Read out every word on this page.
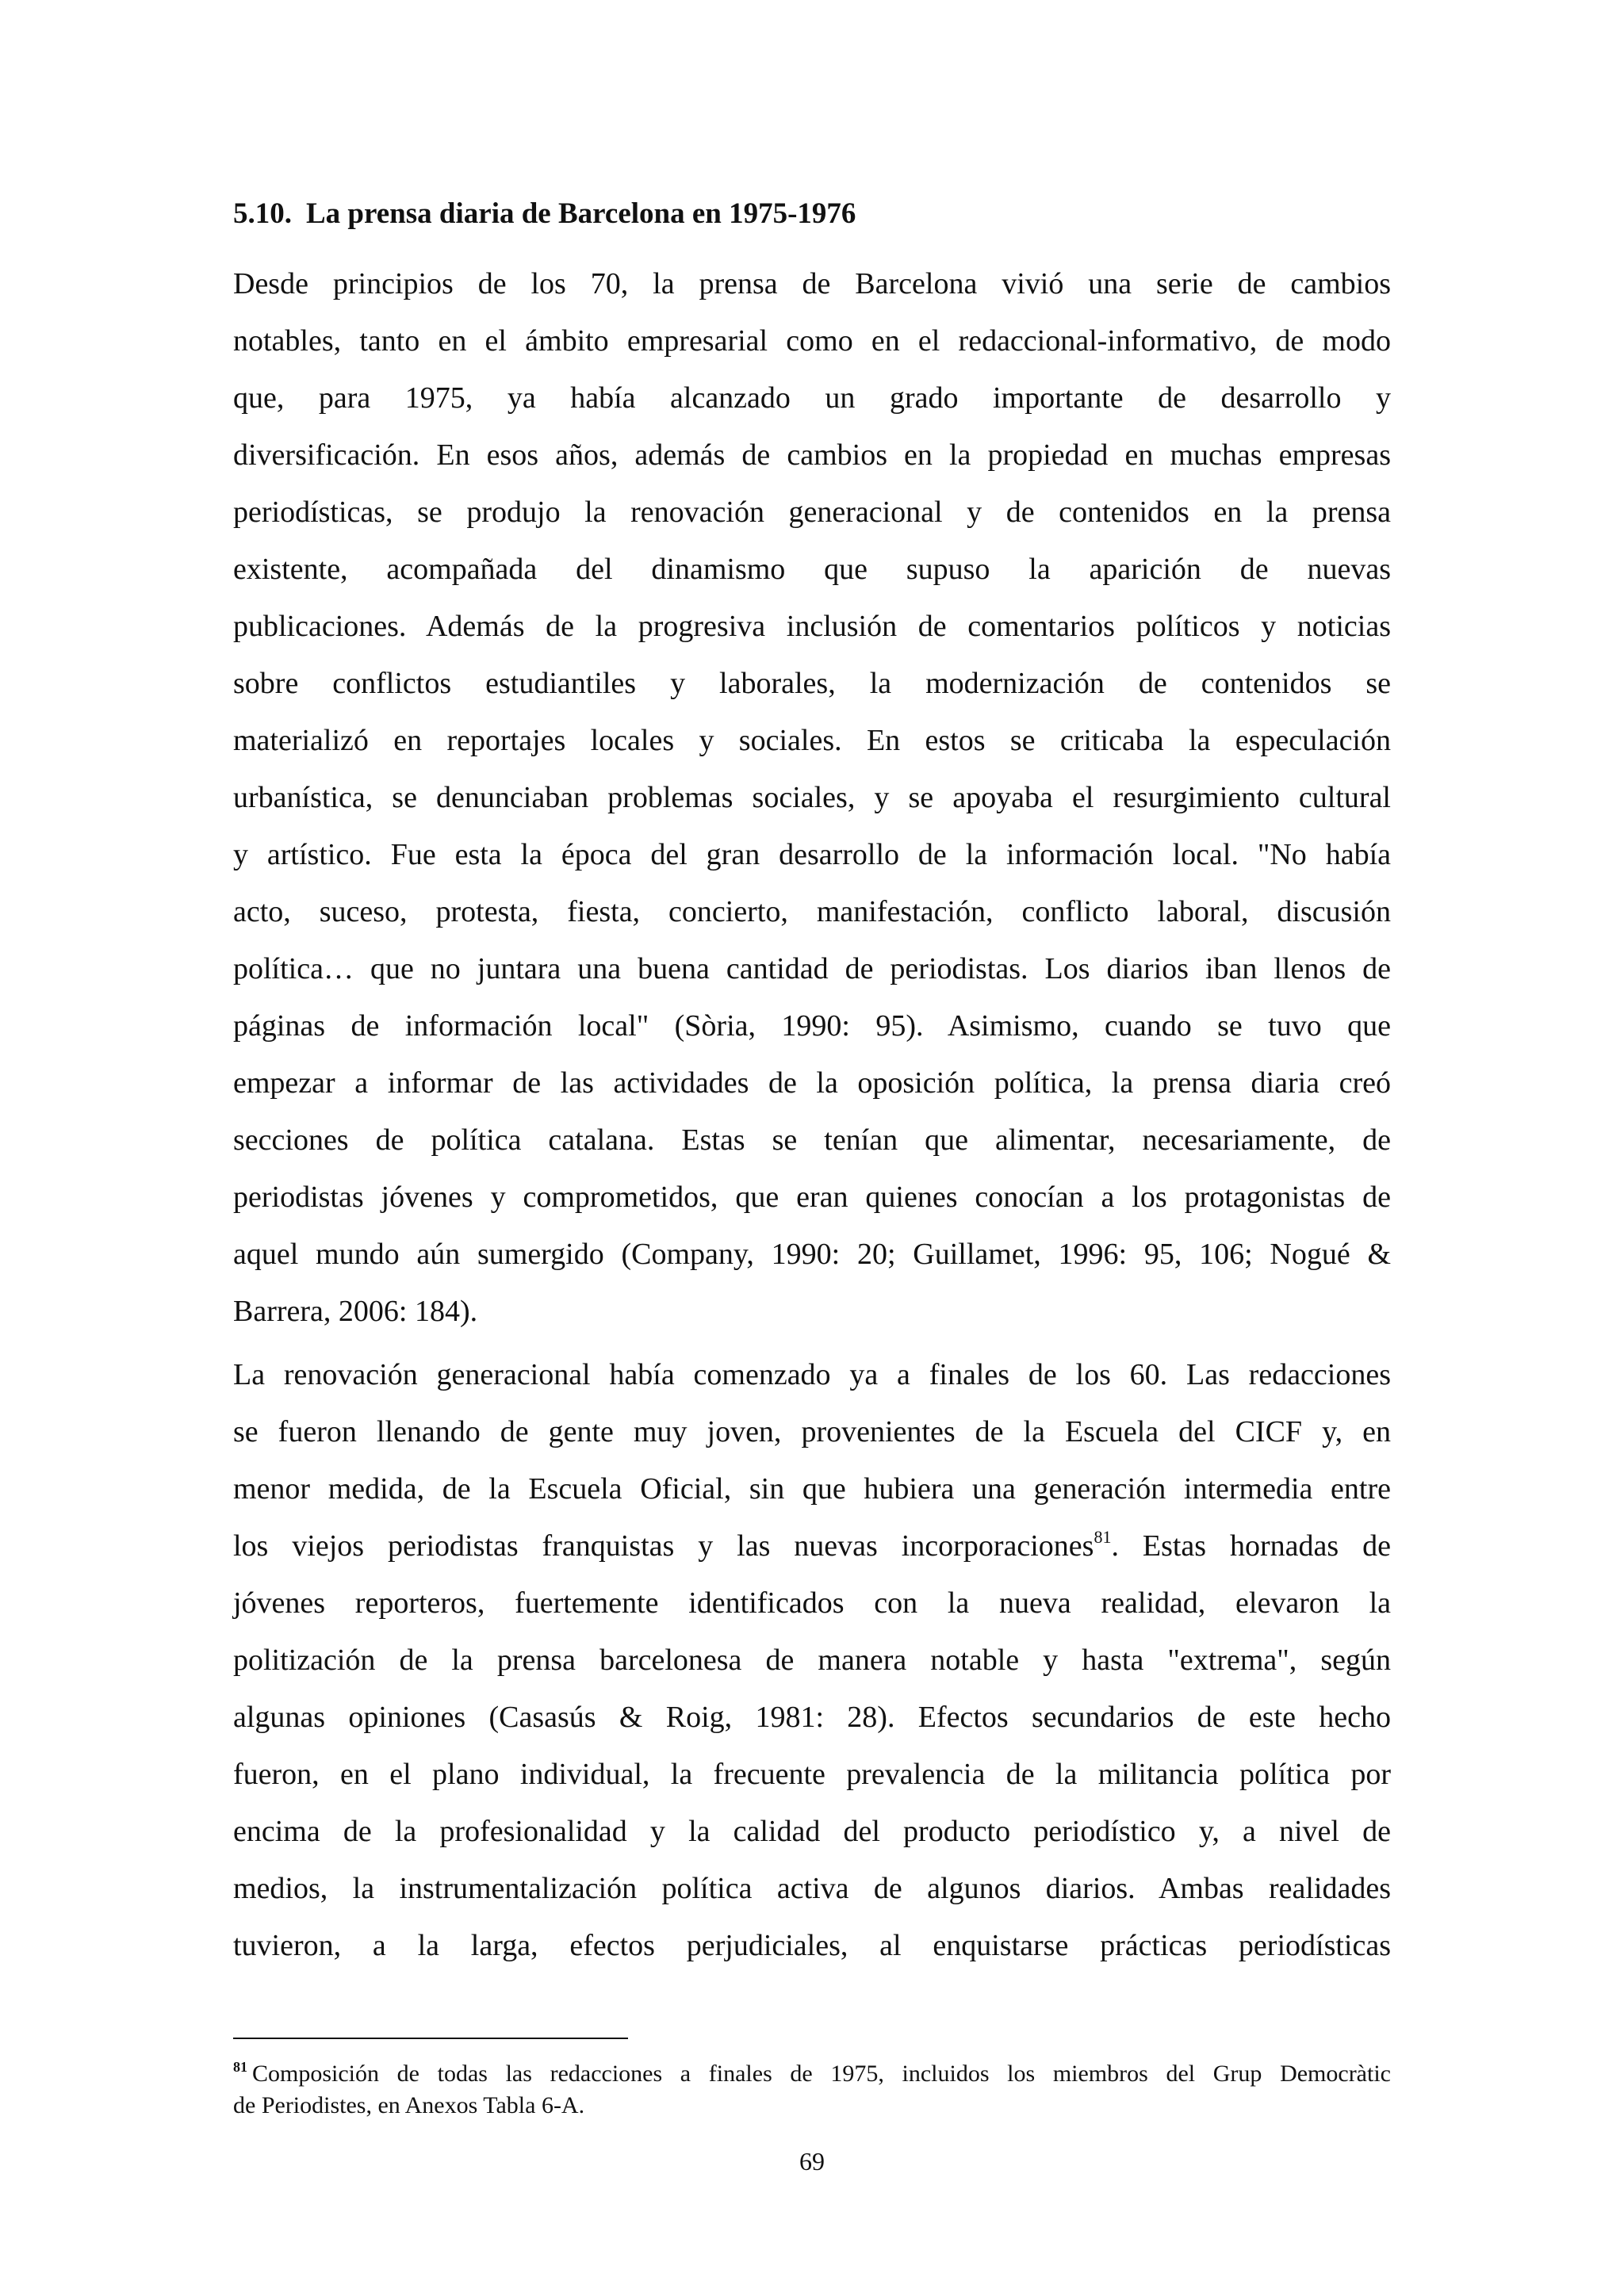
5.10. La prensa diaria de Barcelona en 1975-1976

Desde principios de los 70, la prensa de Barcelona vivió una serie de cambios
notables, tanto en el ámbito empresarial como en el redaccional-informativo, de modo
que, para 1975, ya había alcanzado un grado importante de desarrollo y
diversificación. En esos años, además de cambios en la propiedad en muchas empresas
periodísticas, se produjo la renovación generacional y de contenidos en la prensa
existente, acompañada del dinamismo que supuso la aparición de nuevas
publicaciones. Además de la progresiva inclusión de comentarios políticos y noticias
sobre conflictos estudiantiles y laborales, la modernización de contenidos se
materializó en reportajes locales y sociales. En estos se criticaba la especulación
urbanística, se denunciaban problemas sociales, y se apoyaba el resurgimiento cultural
y artístico. Fue esta la época del gran desarrollo de la información local. "No había
acto, suceso, protesta, fiesta, concierto, manifestación, conflicto laboral, discusión
política… que no juntara una buena cantidad de periodistas. Los diarios iban llenos de
páginas de información local" (Sòria, 1990: 95). Asimismo, cuando se tuvo que
empezar a informar de las actividades de la oposición política, la prensa diaria creó
secciones de política catalana. Estas se tenían que alimentar, necesariamente, de
periodistas jóvenes y comprometidos, que eran quienes conocían a los protagonistas de
aquel mundo aún sumergido (Company, 1990: 20; Guillamet, 1996: 95, 106; Nogué &
Barrera, 2006: 184).

La renovación generacional había comenzado ya a finales de los 60. Las redacciones
se fueron llenando de gente muy joven, provenientes de la Escuela del CICF y, en
menor medida, de la Escuela Oficial, sin que hubiera una generación intermedia entre
los viejos periodistas franquistas y las nuevas incorporaciones$^{81}$. Estas hornadas de
jóvenes reporteros, fuertemente identificados con la nueva realidad, elevaron la
politización de la prensa barcelonesa de manera notable y hasta "extrema", según
algunas opiniones (Casasús & Roig, 1981: 28). Efectos secundarios de este hecho
fueron, en el plano individual, la frecuente prevalencia de la militancia política por
encima de la profesionalidad y la calidad del producto periodístico y, a nivel de
medios, la instrumentalización política activa de algunos diarios. Ambas realidades
tuvieron, a la larga, efectos perjudiciales, al enquistarse prácticas periodísticas

$^{81}$ Composición de todas las redacciones a finales de 1975, incluidos los miembros del Grup Democràtic
de Periodistes, en Anexos Tabla 6-A.
69
